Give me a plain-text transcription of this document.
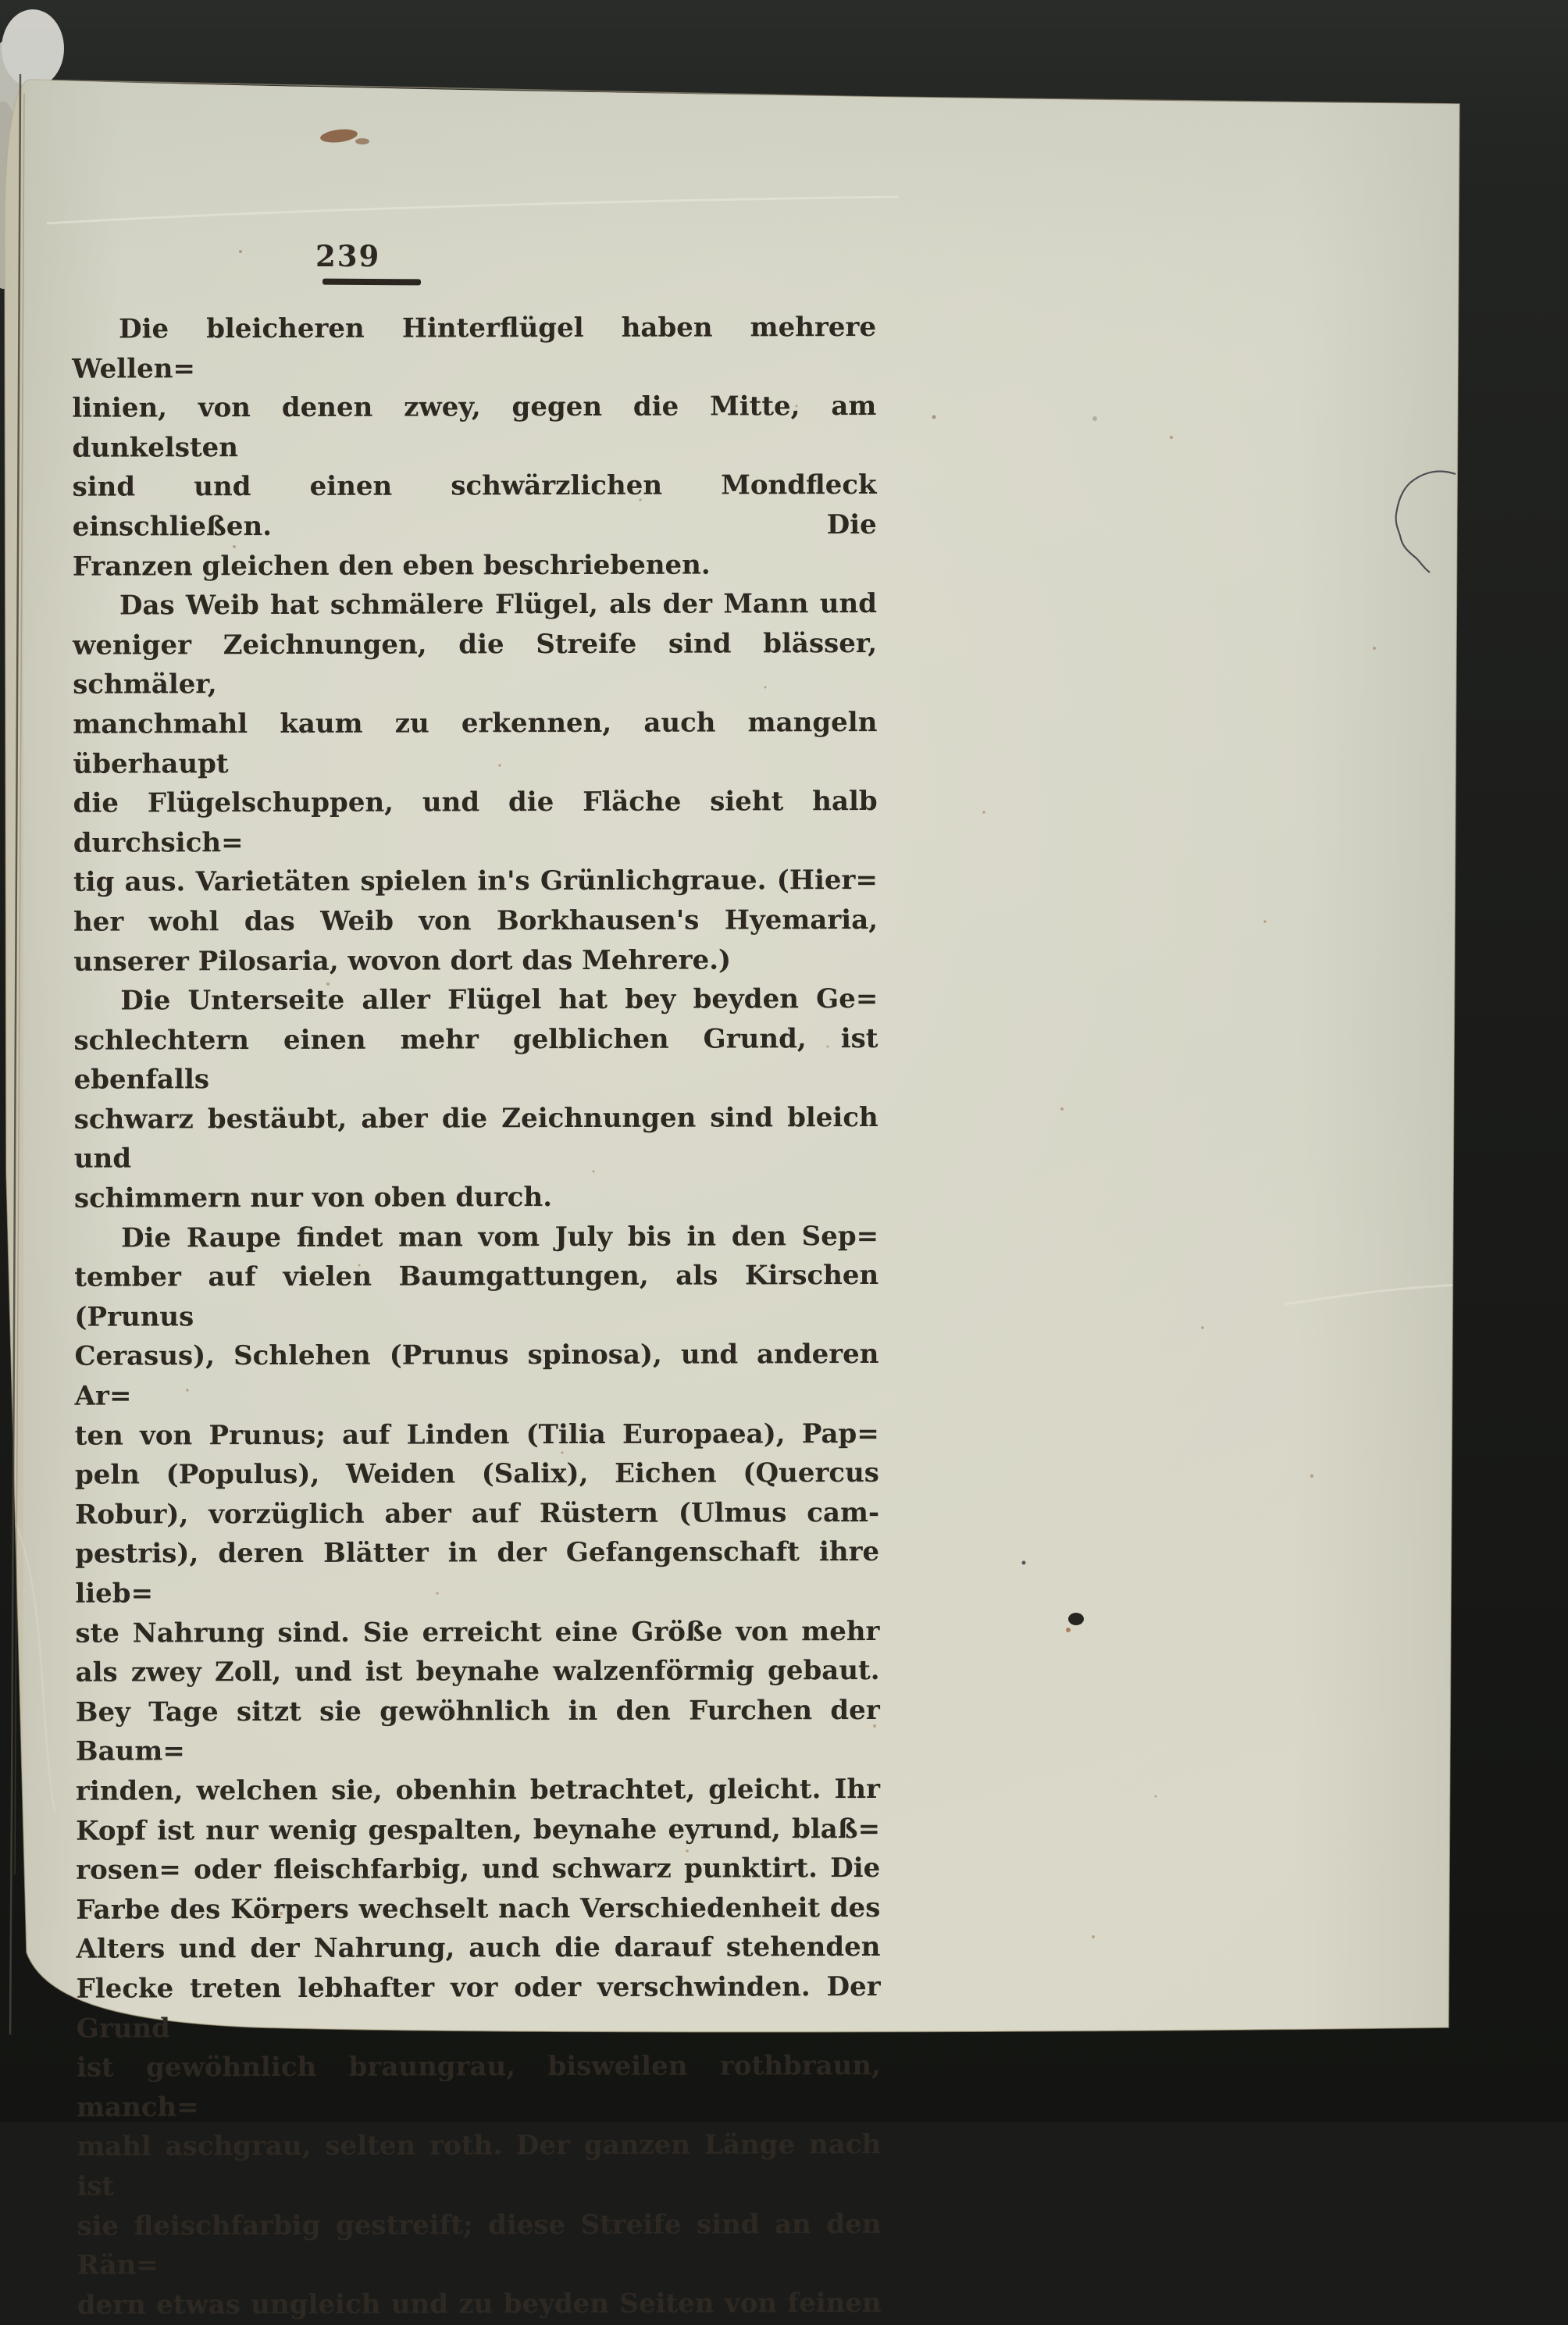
239
Die bleicheren Hinterflügel haben mehrere Wellen=
linien, von denen zwey, gegen die Mitte, am dunkelsten
sind und einen schwärzlichen Mondfleck einschließen. Die
Franzen gleichen den eben beschriebenen.
Das Weib hat schmälere Flügel, als der Mann und
weniger Zeichnungen, die Streife sind blässer, schmäler,
manchmahl kaum zu erkennen, auch mangeln überhaupt
die Flügelschuppen, und die Fläche sieht halb durchsich=
tig aus. Varietäten spielen in's Grünlichgraue. (Hier=
her wohl das Weib von Borkhausen's Hyemaria,
unserer Pilosaria, wovon dort das Mehrere.)
Die Unterseite aller Flügel hat bey beyden Ge=
schlechtern einen mehr gelblichen Grund, ist ebenfalls
schwarz bestäubt, aber die Zeichnungen sind bleich und
schimmern nur von oben durch.
Die Raupe findet man vom July bis in den Sep=
tember auf vielen Baumgattungen, als Kirschen (Prunus
Cerasus), Schlehen (Prunus spinosa), und anderen Ar=
ten von Prunus; auf Linden (Tilia Europaea), Pap=
peln (Populus), Weiden (Salix), Eichen (Quercus
Robur), vorzüglich aber auf Rüstern (Ulmus cam-
pestris), deren Blätter in der Gefangenschaft ihre lieb=
ste Nahrung sind. Sie erreicht eine Größe von mehr
als zwey Zoll, und ist beynahe walzenförmig gebaut.
Bey Tage sitzt sie gewöhnlich in den Furchen der Baum=
rinden, welchen sie, obenhin betrachtet, gleicht. Ihr
Kopf ist nur wenig gespalten, beynahe eyrund, blaß=
rosen= oder fleischfarbig, und schwarz punktirt. Die
Farbe des Körpers wechselt nach Verschiedenheit des
Alters und der Nahrung, auch die darauf stehenden
Flecke treten lebhafter vor oder verschwinden. Der Grund
ist gewöhnlich braungrau, bisweilen rothbraun, manch=
mahl aschgrau, selten roth. Der ganzen Länge nach ist
sie fleischfarbig gestreift; diese Streife sind an den Rän=
dern etwas ungleich und zu beyden Seiten von feinen
